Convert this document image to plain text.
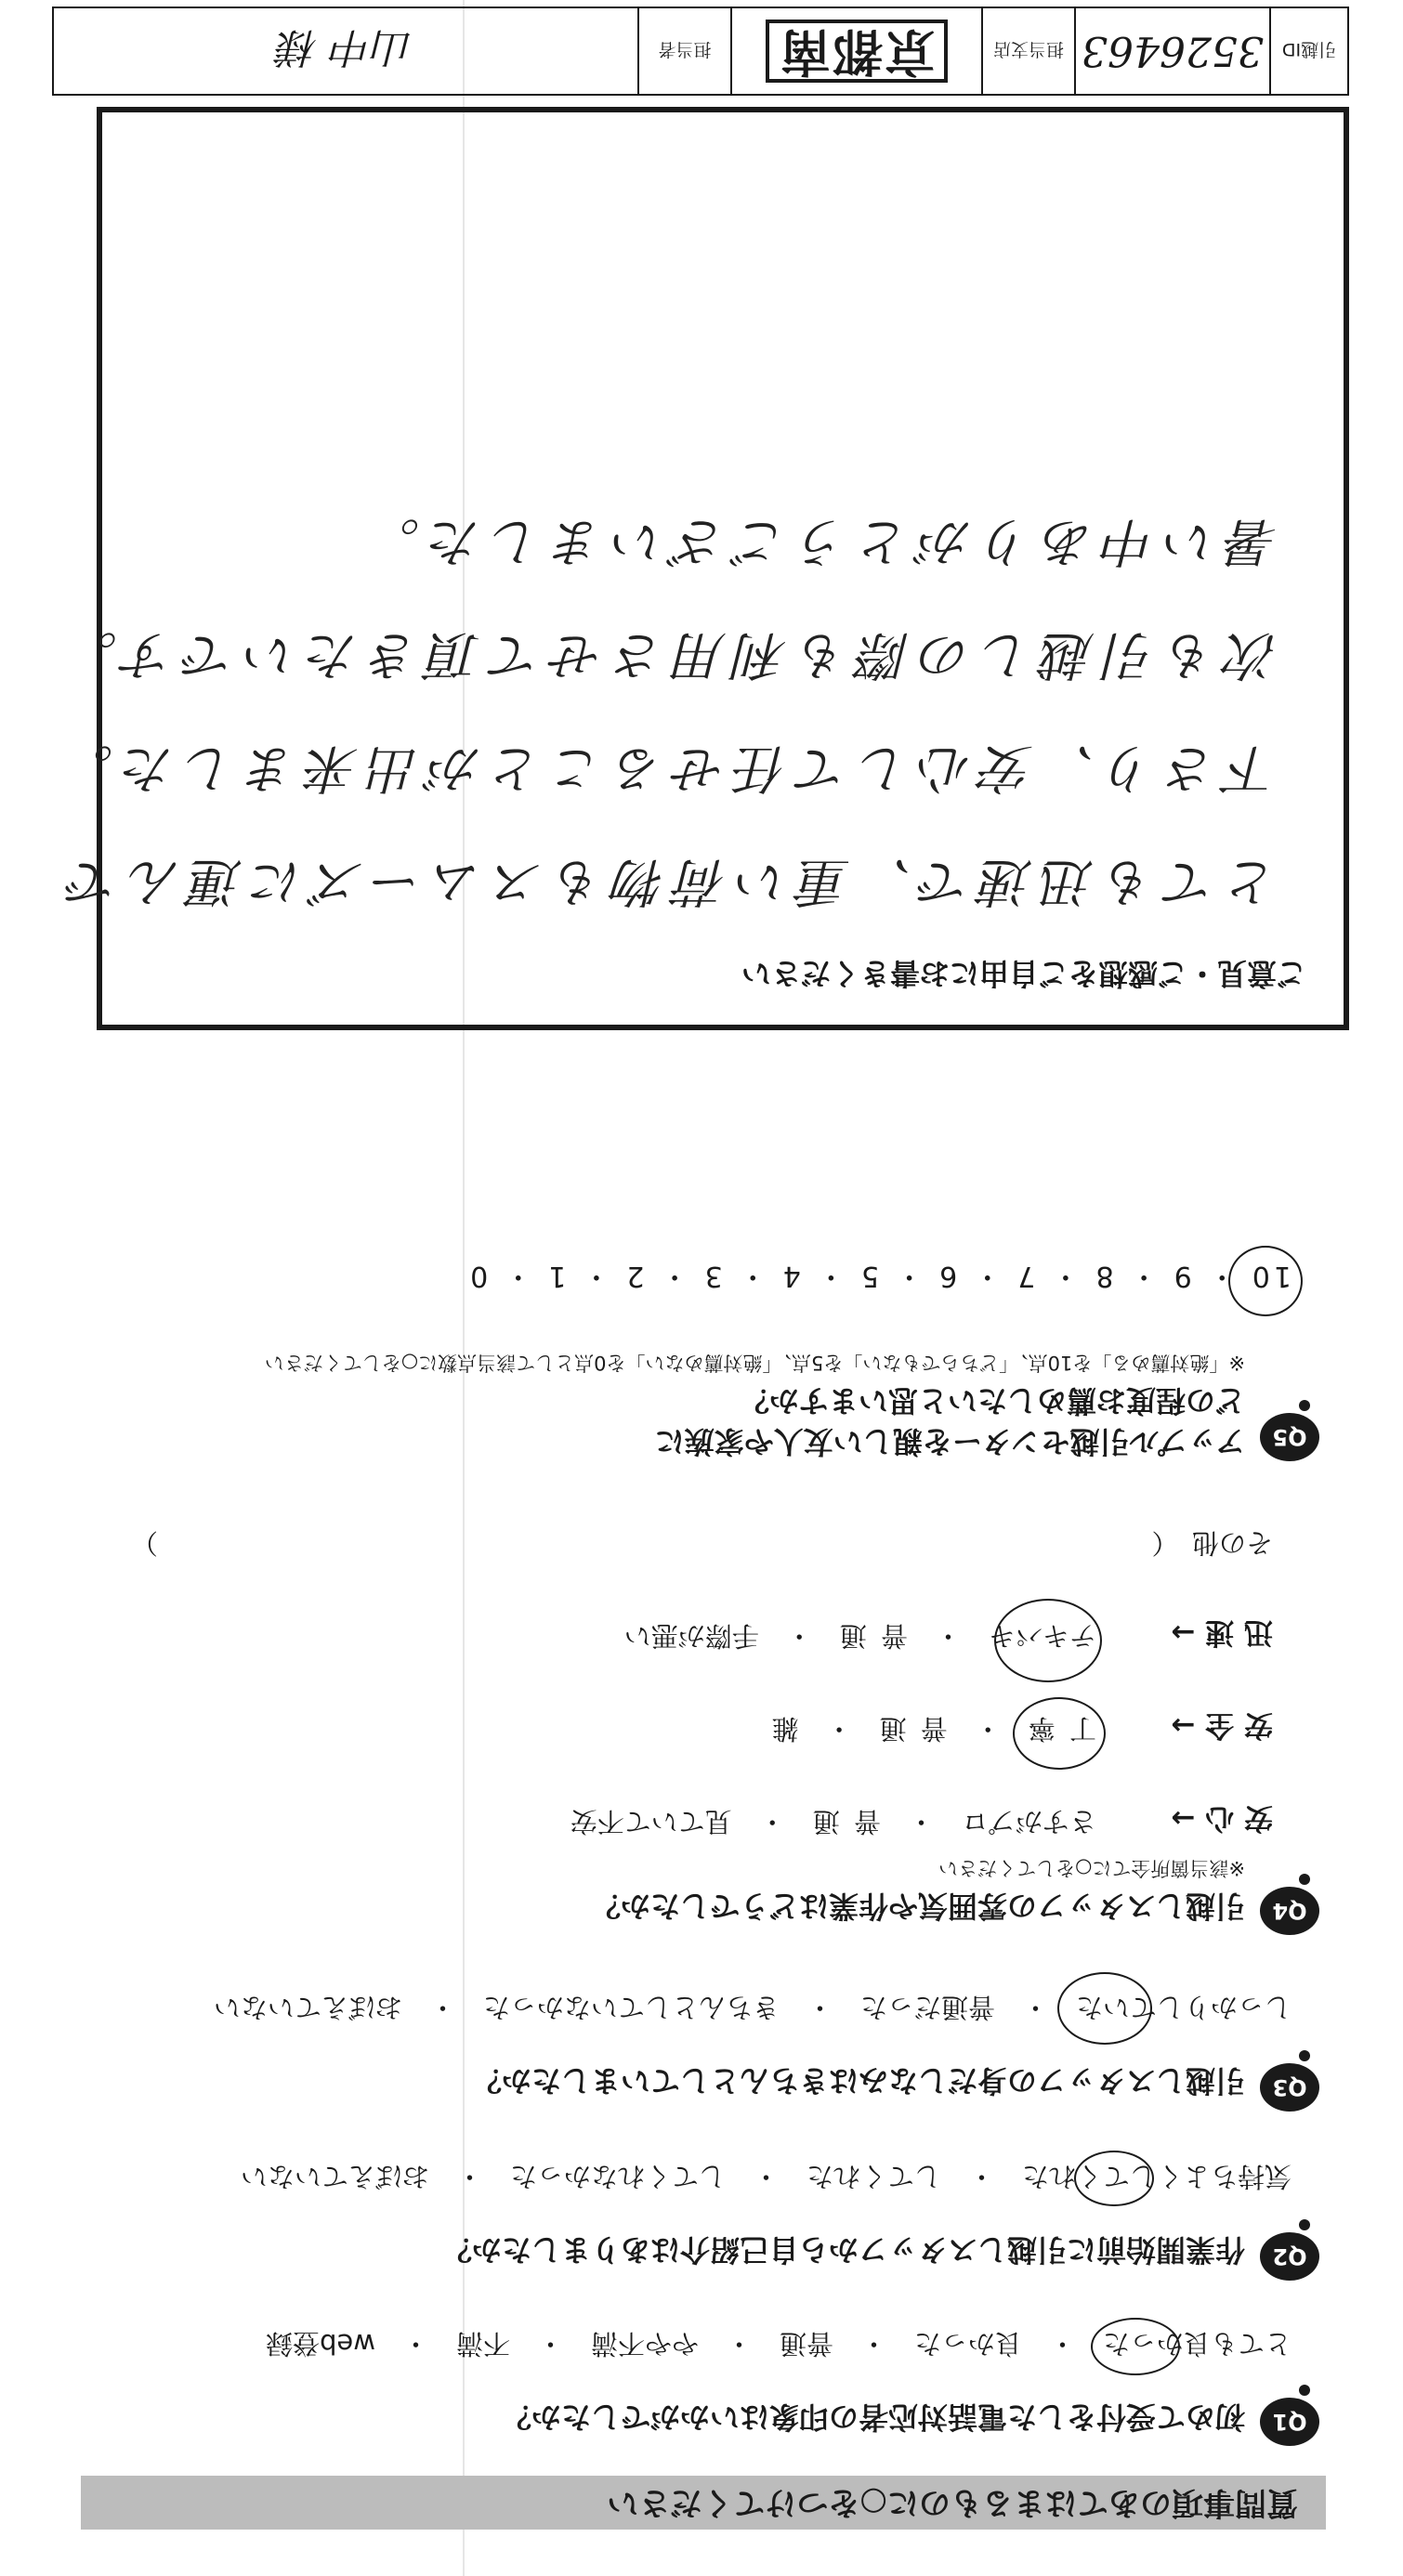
質問事項のあてはまるものに○をつけてください
Q1
初めて受付をした電話対応者の印象はいかがでしたか？
とても良かった　・　良かった　・　普通　・　やや不満　・　不満　・　web登録
Q2
作業開始前に引越しスタッフから自己紹介はありましたか？
気持ちよくしてくれた　・　してくれた　・　してくれなかった　・　おぼえていない
Q3
引越しスタッフの身だしなみはきちんとしていましたか？
しっかりしていた　・　普通だった　・　きちんとしていなかった　・　おぼえていない
Q4
引越しスタッフの雰囲気や作業はどうでしたか？
※該当箇所全てに○をしてください
安 心 →
さすがプロ　・　普 通　・　見ていて不安
安 全 →
丁 寧　・　普 通　・　雑
迅 速 →
テキパキ　・　普 通　・　手際が悪い
その他　（
）
Q5
アップル引越センターを親しい友人や家族に
どの程度お薦めしたいと思いますか？
※「絶対薦める」を10点、「どちらでもない」を5点、「絶対薦めない」を0点として該当点数に○をしてください
10 ・ 9 ・ 8 ・ 7 ・ 6 ・ 5 ・ 4 ・ 3 ・ 2 ・ 1 ・ 0
ご意見・ご感想をご自由にお書きください
とても迅速で、重い荷物もスムーズに運んで
下さり、安心して任せることが出来ました。
次も引越しの際も利用させて頂きたいです。
暑い中ありがとうございました。
引越ID
3526463
担当支店
京都南
担当者
山中 様
